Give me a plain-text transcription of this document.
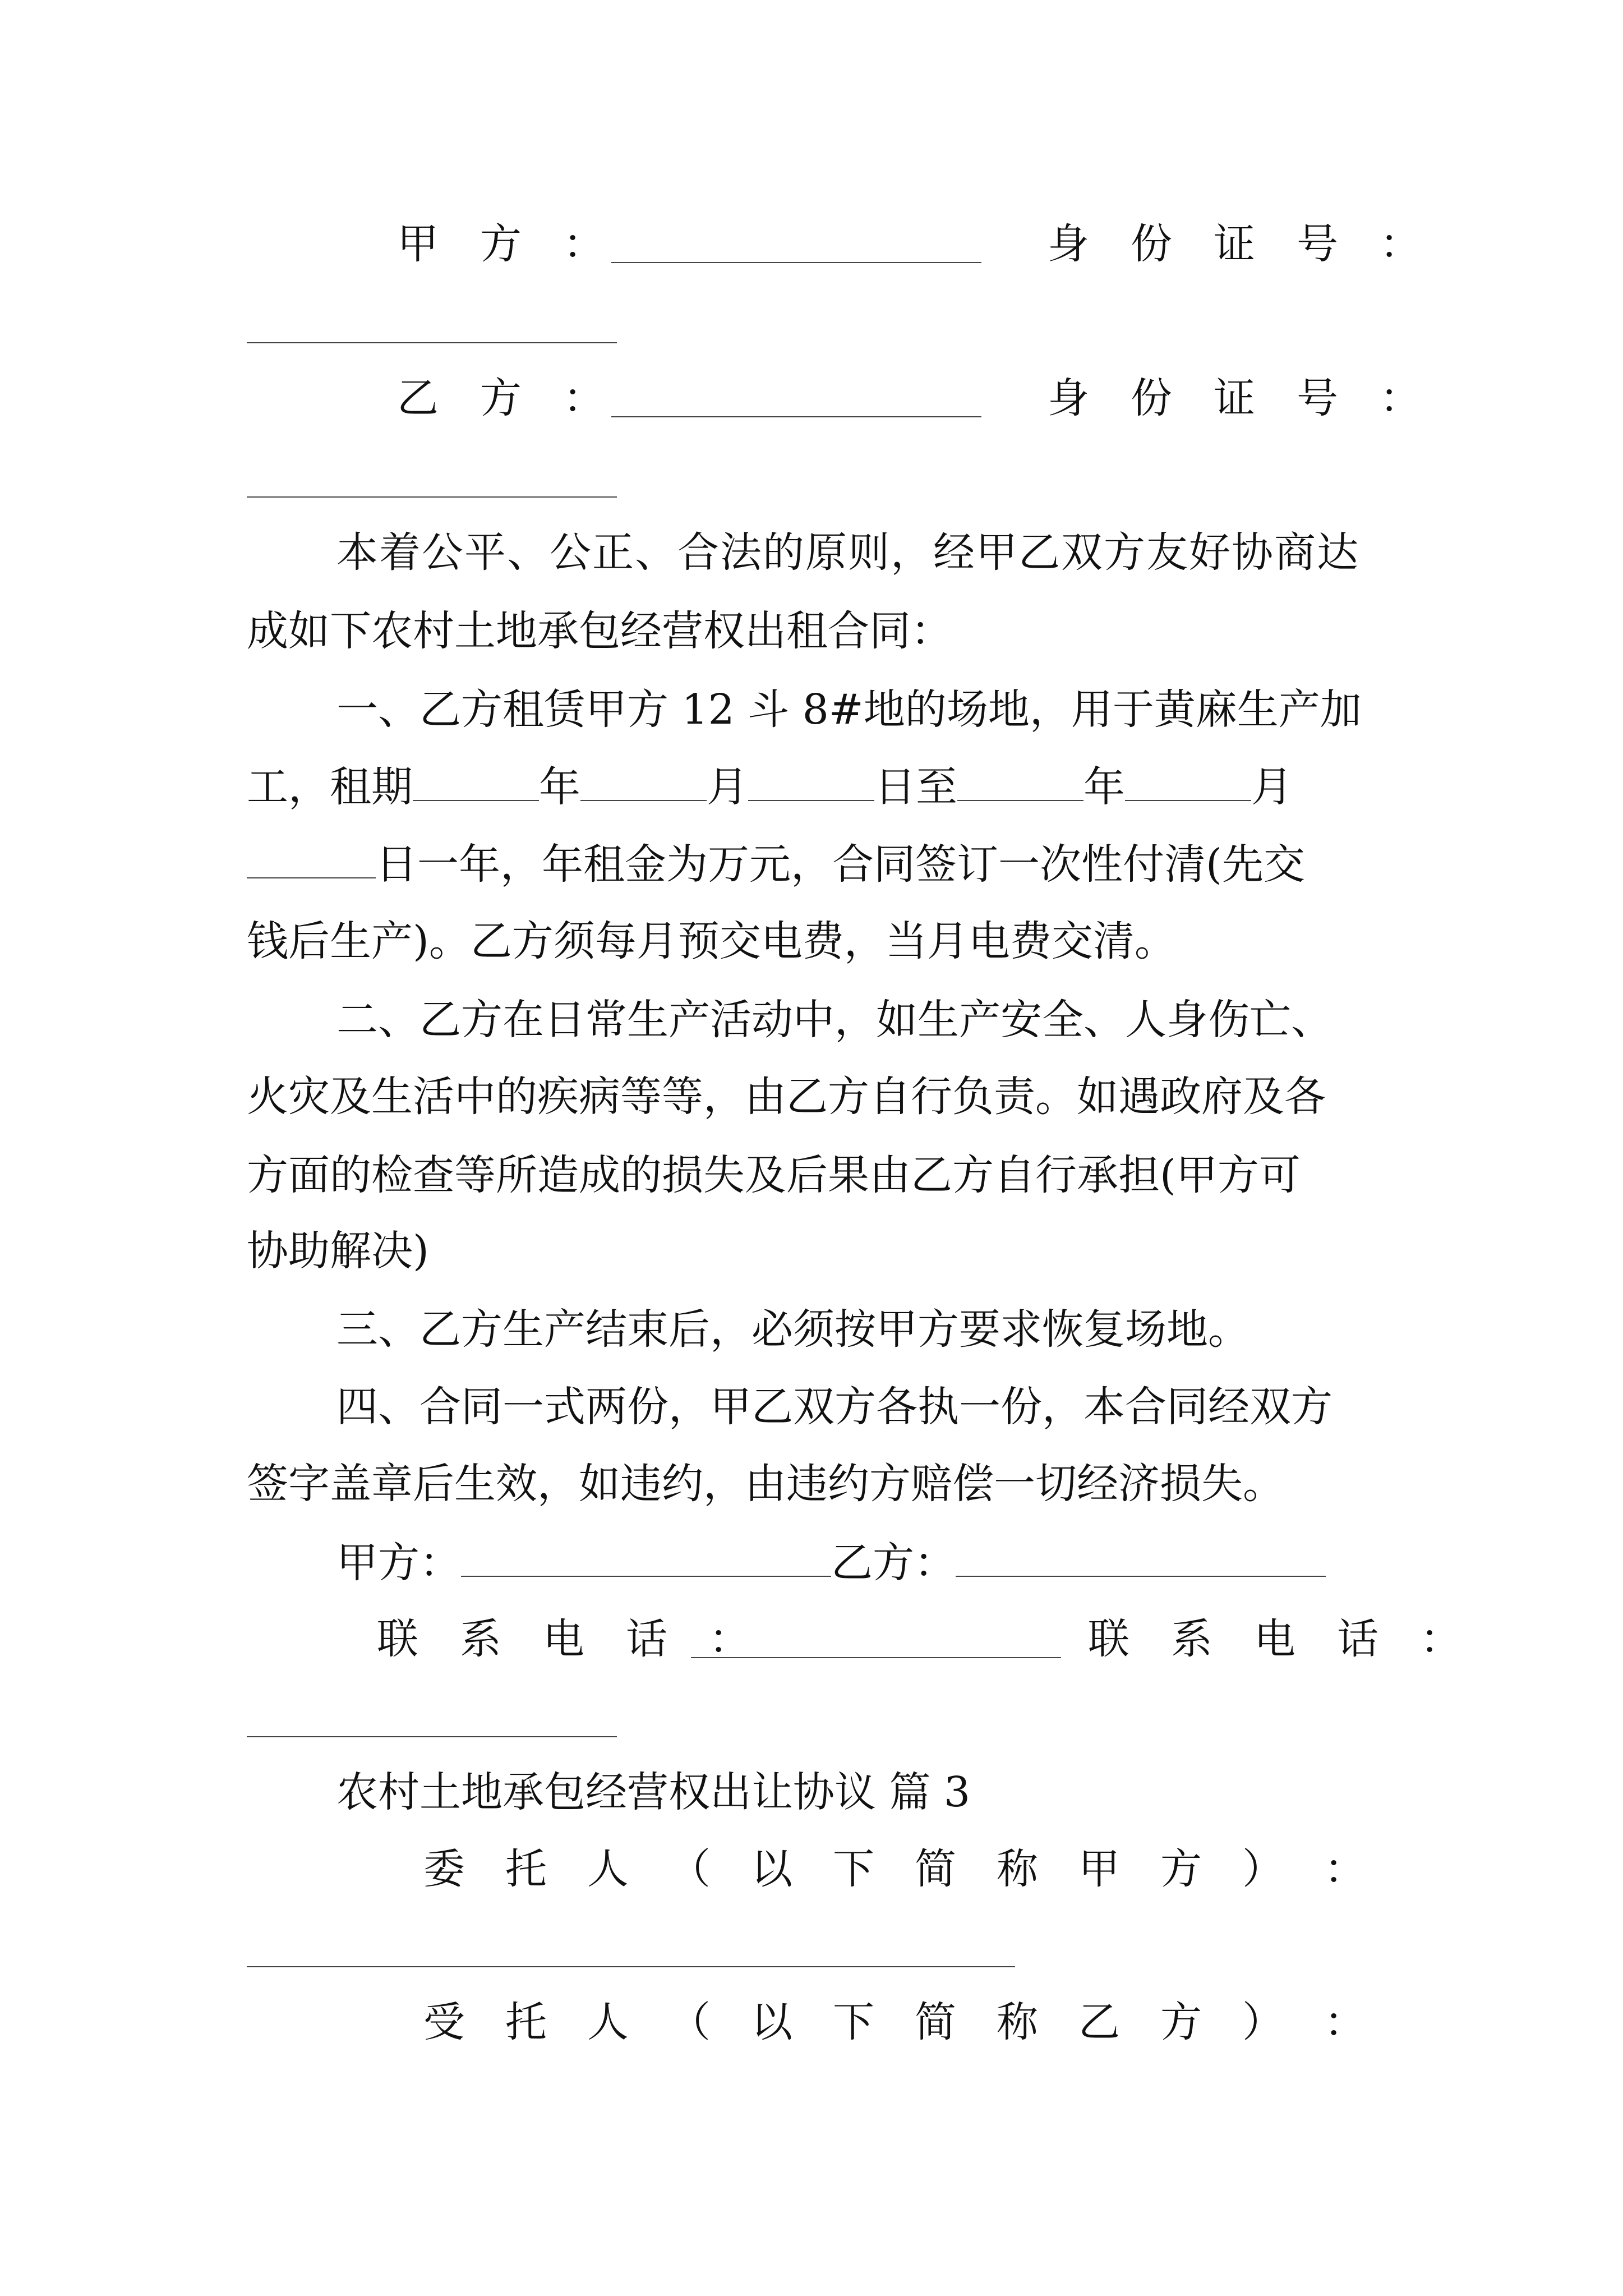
甲　方　：	身　份　证　号　：
乙　方　：	身　份　证　号　：
本着公平、公正、合法的原则，经甲乙双方友好协商达
成如下农村土地承包经营权出租合同：
一、乙方租赁甲方 12 斗 8#地的场地，用于黄麻生产加
工，租期	年	月	日至	年	月
日一年，年租金为万元，合同签订一次性付清(先交
钱后生产)。乙方须每月预交电费，当月电费交清。
二、乙方在日常生产活动中，如生产安全、人身伤亡、
火灾及生活中的疾病等等，由乙方自行负责。如遇政府及各
方面的检查等所造成的损失及后果由乙方自行承担(甲方可
协助解决)
三、乙方生产结束后，必须按甲方要求恢复场地。
四、合同一式两份，甲乙双方各执一份，本合同经双方
签字盖章后生效，如违约，由违约方赔偿一切经济损失。
甲方：	乙方：
联　系　电　话　：	联　系　电　话　：
农村土地承包经营权出让协议 篇 3
委 托 人 （ 以 下 简 称 甲 方 ） ：
受 托 人 （ 以 下 简 称 乙 方 ） ：
